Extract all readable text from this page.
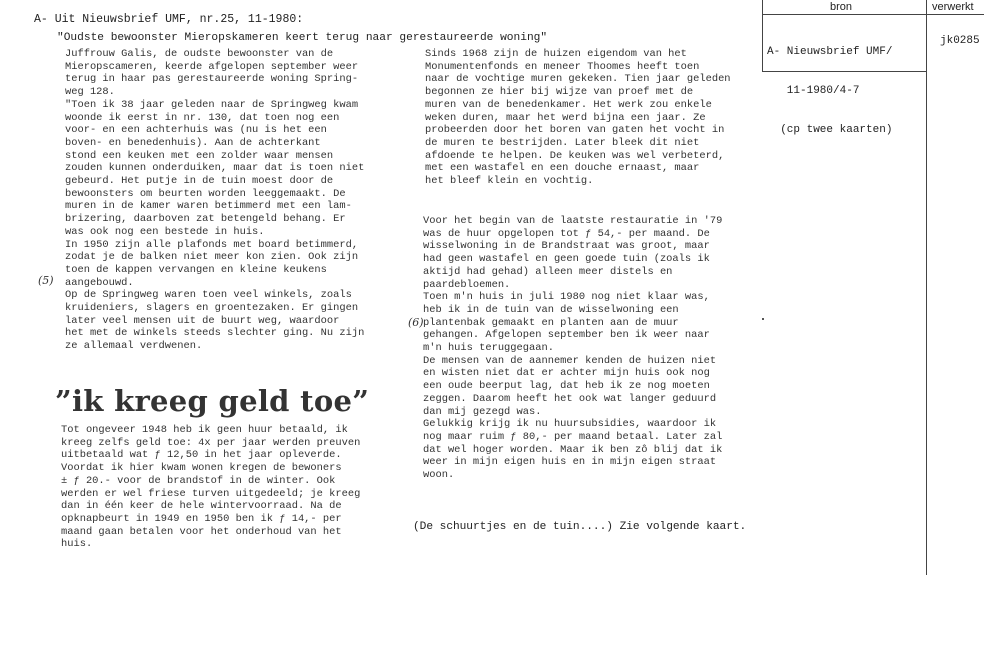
A- Uit Nieuwsbrief UMF, nr.25, 11-1980:
"Oudste bewoonster Mieropskameren keert terug naar gerestaureerde woning"
Juffrouw Galis, de oudste bewoonster van de
Mieropscameren, keerde afgelopen september weer
terug in haar pas gerestaureerde woning Spring-
weg 128.
"Toen ik 38 jaar geleden naar de Springweg kwam
woonde ik eerst in nr. 130, dat toen nog een
voor- en een achterhuis was (nu is het een
boven- en benedenhuis). Aan de achterkant
stond een keuken met een zolder waar mensen
zouden kunnen onderduiken, maar dat is toen niet
gebeurd. Het putje in de tuin moest door de
bewoonsters om beurten worden leeggemaakt. De
muren in de kamer waren betimmerd met een lam-
brizering, daarboven zat betengeld behang. Er
was ook nog een bestede in huis.
In 1950 zijn alle plafonds met board betimmerd,
zodat je de balken niet meer kon zien. Ook zijn
toen de kappen vervangen en kleine keukens
aangebouwd.
Op de Springweg waren toen veel winkels, zoals
kruideniers, slagers en groentezaken. Er gingen
later veel mensen uit de buurt weg, waardoor
het met de winkels steeds slechter ging. Nu zijn
ze allemaal verdwenen.
”ik kreeg geld toe”
Tot ongeveer 1948 heb ik geen huur betaald, ik
kreeg zelfs geld toe: 4x per jaar werden preuven
uitbetaald wat ƒ 12,50 in het jaar opleverde.
Voordat ik hier kwam wonen kregen de bewoners
± ƒ 20.- voor de brandstof in de winter. Ook
werden er wel friese turven uitgedeeld; je kreeg
dan in één keer de hele wintervoorraad. Na de
opknapbeurt in 1949 en 1950 ben ik ƒ 14,- per
maand gaan betalen voor het onderhoud van het
huis.
Sinds 1968 zijn de huizen eigendom van het
Monumentenfonds en meneer Thoomes heeft toen
naar de vochtige muren gekeken. Tien jaar geleden
begonnen ze hier bij wijze van proef met de
muren van de benedenkamer. Het werk zou enkele
weken duren, maar het werd bijna een jaar. Ze
probeerden door het boren van gaten het vocht in
de muren te bestrijden. Later bleek dit niet
afdoende te helpen. De keuken was wel verbeterd,
met een wastafel en een douche ernaast, maar
het bleef klein en vochtig.
Voor het begin van de laatste restauratie in '79
was de huur opgelopen tot ƒ 54,- per maand. De
wisselwoning in de Brandstraat was groot, maar
had geen wastafel en geen goede tuin (zoals ik
aktijd had gehad) alleen meer distels en
paardebloemen.
Toen m'n huis in juli 1980 nog niet klaar was,
heb ik in de tuin van de wisselwoning een
plantenbak gemaakt en planten aan de muur
gehangen. Afgelopen september ben ik weer naar
m'n huis teruggegaan.
De mensen van de aannemer kenden de huizen niet
en wisten niet dat er achter mijn huis ook nog
een oude beerput lag, dat heb ik ze nog moeten
zeggen. Daarom heeft het ook wat langer geduurd
dan mij gezegd was.
Gelukkig krijg ik nu huursubsidies, waardoor ik
nog maar ruim ƒ 80,- per maand betaal. Later zal
dat wel hoger worden. Maar ik ben zô blij dat ik
weer in mijn eigen huis en in mijn eigen straat
woon.
(De schuurtjes en de tuin....) Zie volgende kaart.
(5)
(6)
bron	verwerkt

A- Nieuwsbrief UMF/

11-1980/4-7

(cp twee kaarten)

jk0285
